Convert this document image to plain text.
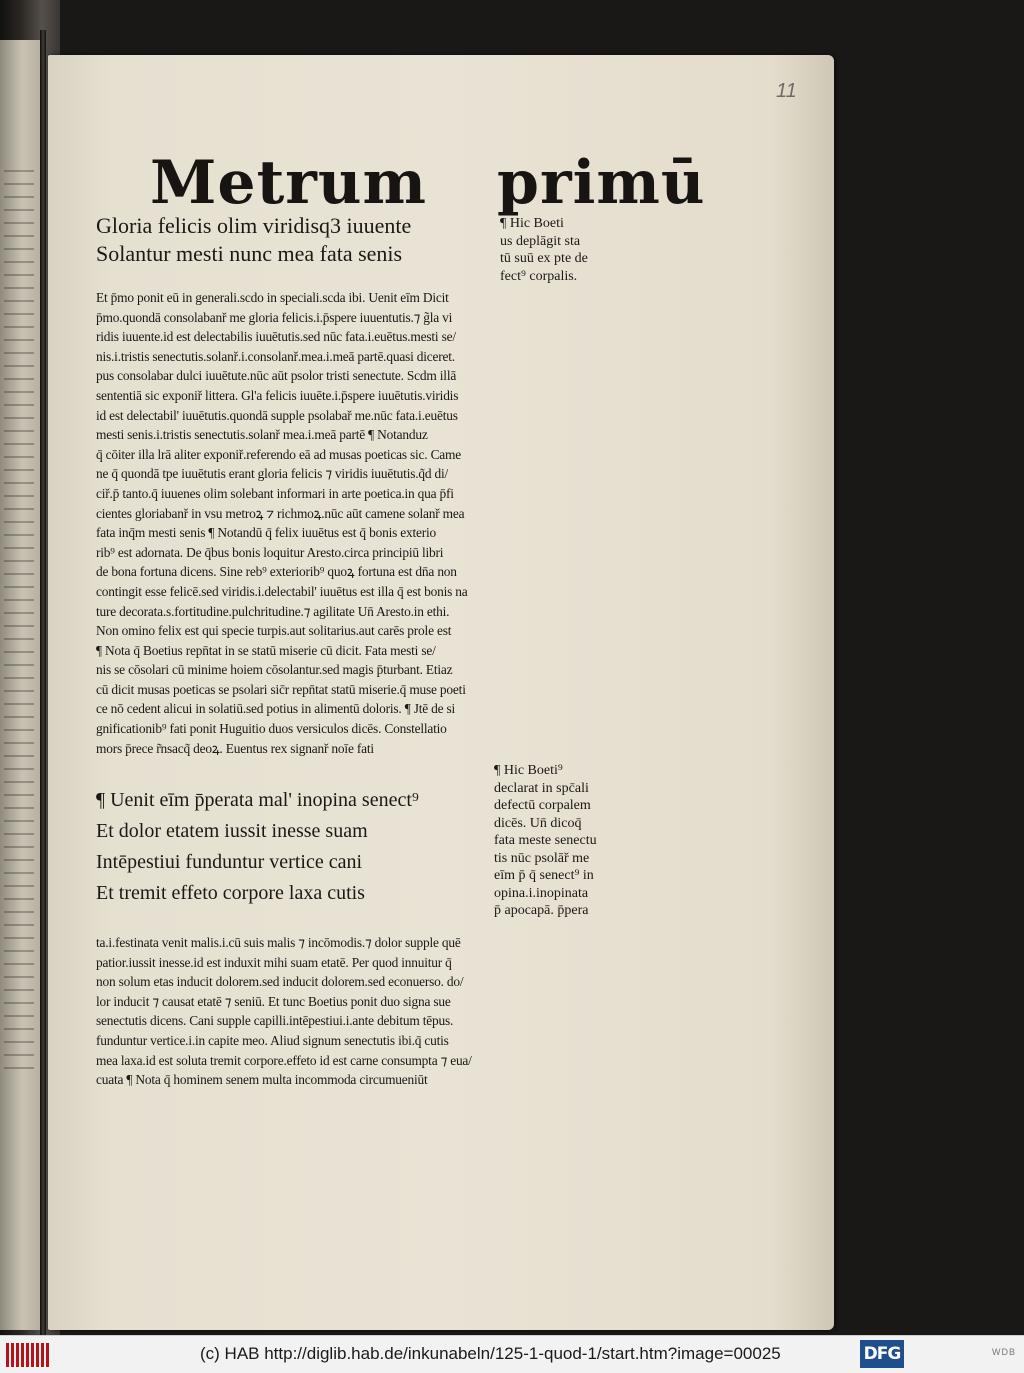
11
Metrum primū
Gloria felicis olim viridisq3 iuuente
Solantur mesti nunc mea fata senis
¶ Hic Boeti
us deplāgit sta
tū suū ex pte de
fect⁹ corpalis.
Et p̄mo ponit eū in generali.scdo in speciali.scda ibi. Uenit eīm Dicit
p̄mo.quondā consolabanř me gloria felicis.i.p̄spere iuuentutis.⁊ g̃la vi
ridis iuuente.id est delectabilis iuuētutis.sed nūc fata.i.euētus.mesti se/
nis.i.tristis senectutis.solanř.i.consolanř.mea.i.meā partē.quasi diceret.
pus consolabar dulci iuuētute.nūc aūt psolor tristi senectute. Scdm illā
sententiā sic exponiř littera. Gl'a felicis iuuēte.i.p̄spere iuuētutis.viridis
id est delectabil' iuuētutis.quondā supple psolabař me.nūc fata.i.euētus
mesti senis.i.tristis senectutis.solanř mea.i.meā partē ¶ Notanduz
q̄ cōiter illa lrā aliter exponiř.referendo eā ad musas poeticas sic. Came
ne q̄ quondā tpe iuuētutis erant gloria felicis ⁊ viridis iuuētutis.q̃d di/
ciř.p̄ tanto.q̄ iuuenes olim solebant informari in arte poetica.in qua p̄fi
cientes gloriabanř in vsu metroꝝ ⁊ richmoꝝ.nūc aūt camene solanř mea
fata inq̄m mesti senis ¶ Notandū q̄ felix iuuētus est q̄ bonis exterio
rib⁹ est adornata. De q̄bus bonis loquitur Aresto.circa principiū libri
de bona fortuna dicens. Sine reb⁹ exteriorib⁹ quoꝝ fortuna est dn̄a non
contingit esse felicē.sed viridis.i.delectabil' iuuētus est illa q̄ est bonis na
ture decorata.s.fortitudine.pulchritudine.⁊ agilitate Un̄ Aresto.in ethi.
Non omino felix est qui specie turpis.aut solitarius.aut carēs prole est
¶ Nota q̄ Boetius repn̄tat in se statū miserie cū dicit. Fata mesti se/
nis se cōsolari cū minime hoiem cōsolantur.sed magis p̄turbant. Etiaz
cū dicit musas poeticas se psolari sic̄r repn̄tat statū miserie.q̄ muse poeti
ce nō cedent alicui in solatiū.sed potius in alimentū doloris. ¶ Jtē de si
gnificationib⁹ fati ponit Huguitio duos versiculos dicēs. Constellatio
mors p̄rece r̃nsacq̃ deoꝝ. Euentus rex signanř noīe fati
¶ Hic Boeti⁹
declarat in spc̄ali
defectū corpalem
dicēs. Un̄ dicoq̄
fata meste senectu
tis nūc psolāř me
eīm p̄ q̄ senect⁹ in
opina.i.inopinata
p̄ apocapā. p̄pera
¶ Uenit eīm p̄perata mal' inopina senect⁹
Et dolor etatem iussit inesse suam
Intēpestiui funduntur vertice cani
Et tremit effeto corpore laxa cutis
ta.i.festinata venit malis.i.cū suis malis ⁊ incōmodis.⁊ dolor supple quē
patior.iussit inesse.id est induxit mihi suam etatē. Per quod innuitur q̄
non solum etas inducit dolorem.sed inducit dolorem.sed econuerso. do/
lor inducit ⁊ causat etatē ⁊ seniū. Et tunc Boetius ponit duo signa sue
senectutis dicens. Cani supple capilli.intēpestiui.i.ante debitum tēpus.
funduntur vertice.i.in capite meo. Aliud signum senectutis ibi.q̄ cutis
mea laxa.id est soluta tremit corpore.effeto id est carne consumpta ⁊ eua/
cuata ¶ Nota q̄ hominem senem multa incommoda circumueniūt
(c) HAB http://diglib.hab.de/inkunabeln/125-1-quod-1/start.htm?image=00025	DFG	WDB
